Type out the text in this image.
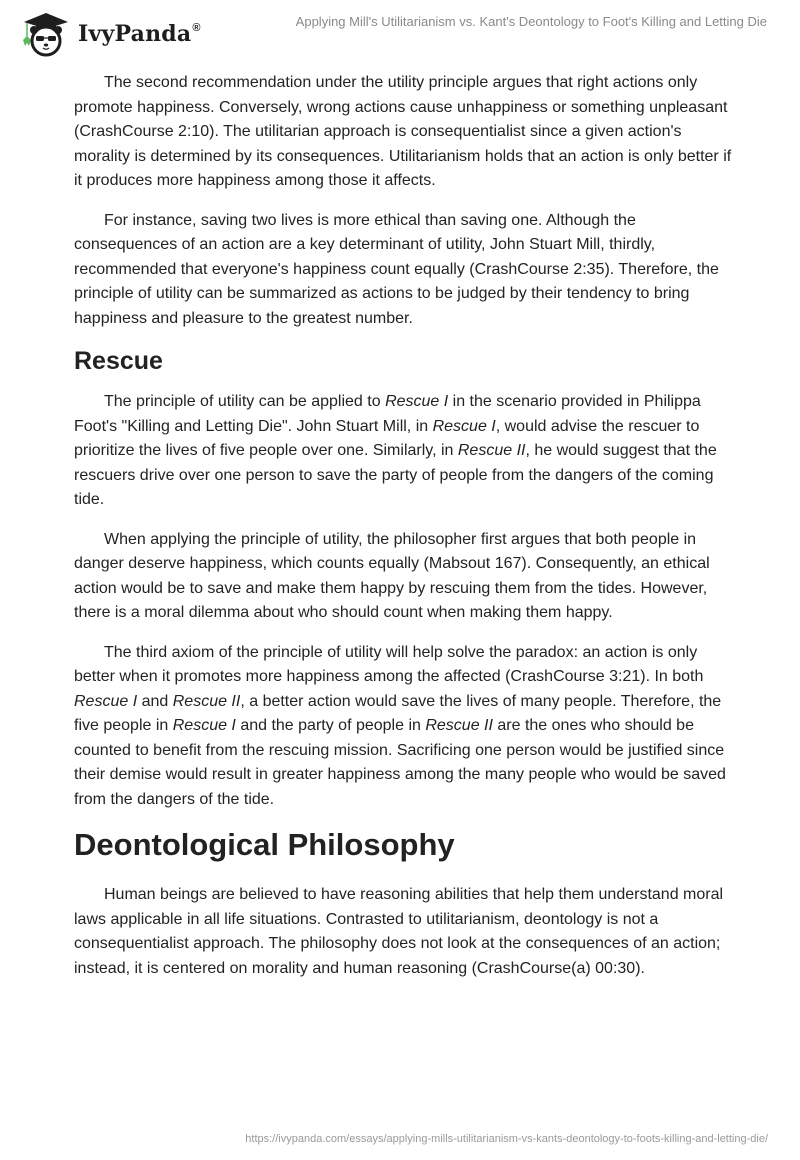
IvyPanda®	Applying Mill's Utilitarianism vs. Kant's Deontology to Foot's Killing and Letting Die

The second recommendation under the utility principle argues that right actions only promote happiness. Conversely, wrong actions cause unhappiness or something unpleasant (CrashCourse 2:10). The utilitarian approach is consequentialist since a given action's morality is determined by its consequences. Utilitarianism holds that an action is only better if it produces more happiness among those it affects.

For instance, saving two lives is more ethical than saving one. Although the consequences of an action are a key determinant of utility, John Stuart Mill, thirdly, recommended that everyone's happiness count equally (CrashCourse 2:35). Therefore, the principle of utility can be summarized as actions to be judged by their tendency to bring happiness and pleasure to the greatest number.

Rescue

The principle of utility can be applied to Rescue I in the scenario provided in Philippa Foot's "Killing and Letting Die". John Stuart Mill, in Rescue I, would advise the rescuer to prioritize the lives of five people over one. Similarly, in Rescue II, he would suggest that the rescuers drive over one person to save the party of people from the dangers of the coming tide.

When applying the principle of utility, the philosopher first argues that both people in danger deserve happiness, which counts equally (Mabsout 167). Consequently, an ethical action would be to save and make them happy by rescuing them from the tides. However, there is a moral dilemma about who should count when making them happy.

The third axiom of the principle of utility will help solve the paradox: an action is only better when it promotes more happiness among the affected (CrashCourse 3:21). In both Rescue I and Rescue II, a better action would save the lives of many people. Therefore, the five people in Rescue I and the party of people in Rescue II are the ones who should be counted to benefit from the rescuing mission. Sacrificing one person would be justified since their demise would result in greater happiness among the many people who would be saved from the dangers of the tide.

Deontological Philosophy

Human beings are believed to have reasoning abilities that help them understand moral laws applicable in all life situations. Contrasted to utilitarianism, deontology is not a consequentialist approach. The philosophy does not look at the consequences of an action; instead, it is centered on morality and human reasoning (CrashCourse(a) 00:30).

https://ivypanda.com/essays/applying-mills-utilitarianism-vs-kants-deontology-to-foots-killing-and-letting-die/
